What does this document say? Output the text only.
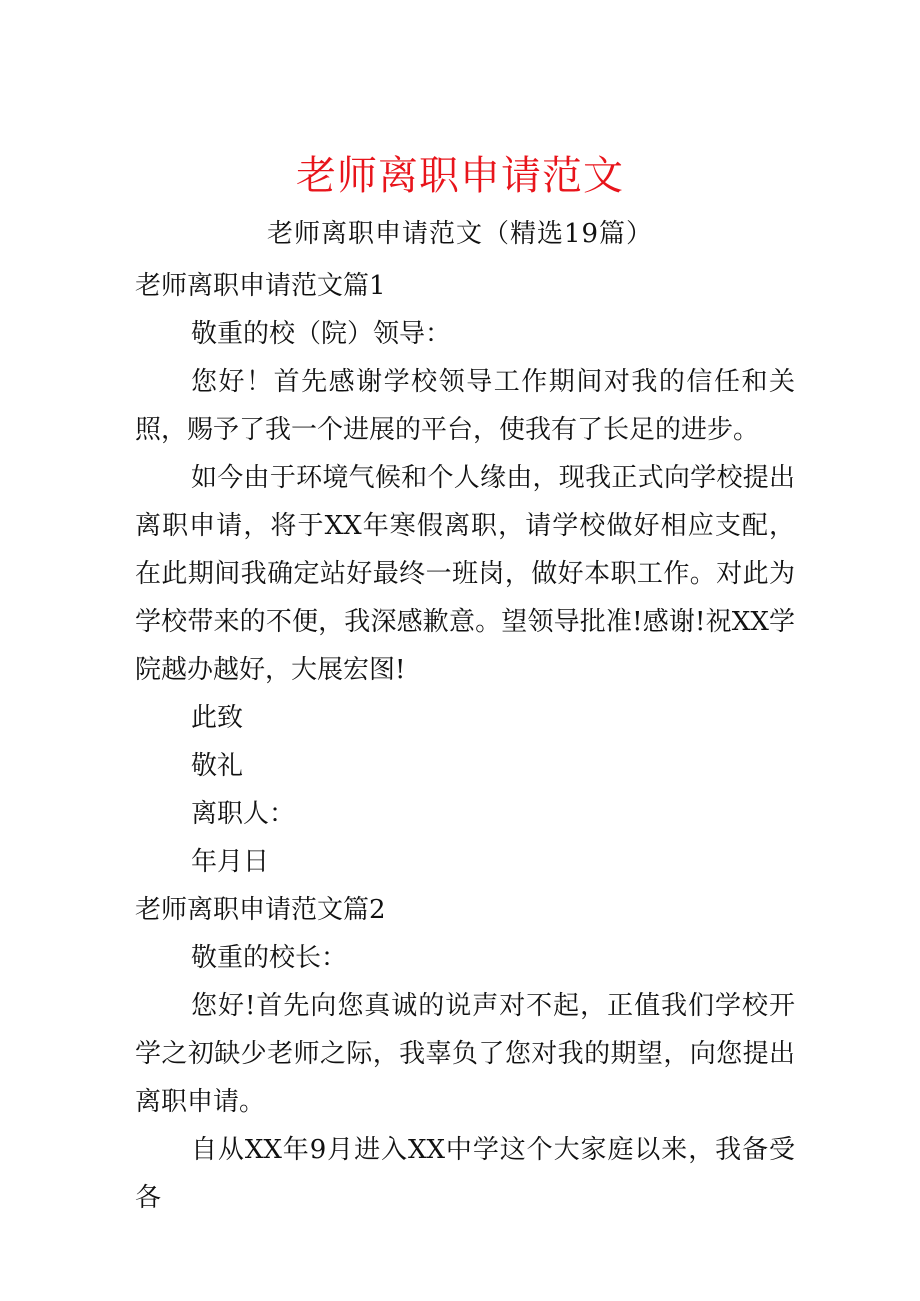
老师离职申请范文
老师离职申请范文（精选19篇）

老师离职申请范文篇1

敬重的校（院）领导：

您好！首先感谢学校领导工作期间对我的信任和关照，赐予了我一个进展的平台，使我有了长足的进步。

如今由于环境气候和个人缘由，现我正式向学校提出离职申请，将于XX年寒假离职，请学校做好相应支配，在此期间我确定站好最终一班岗，做好本职工作。对此为学校带来的不便，我深感歉意。望领导批准!感谢!祝XX学院越办越好，大展宏图!

此致

敬礼

离职人：

年月日

老师离职申请范文篇2

敬重的校长：

您好!首先向您真诚的说声对不起，正值我们学校开学之初缺少老师之际，我辜负了您对我的期望，向您提出离职申请。

自从XX年9月进入XX中学这个大家庭以来，我备受各
